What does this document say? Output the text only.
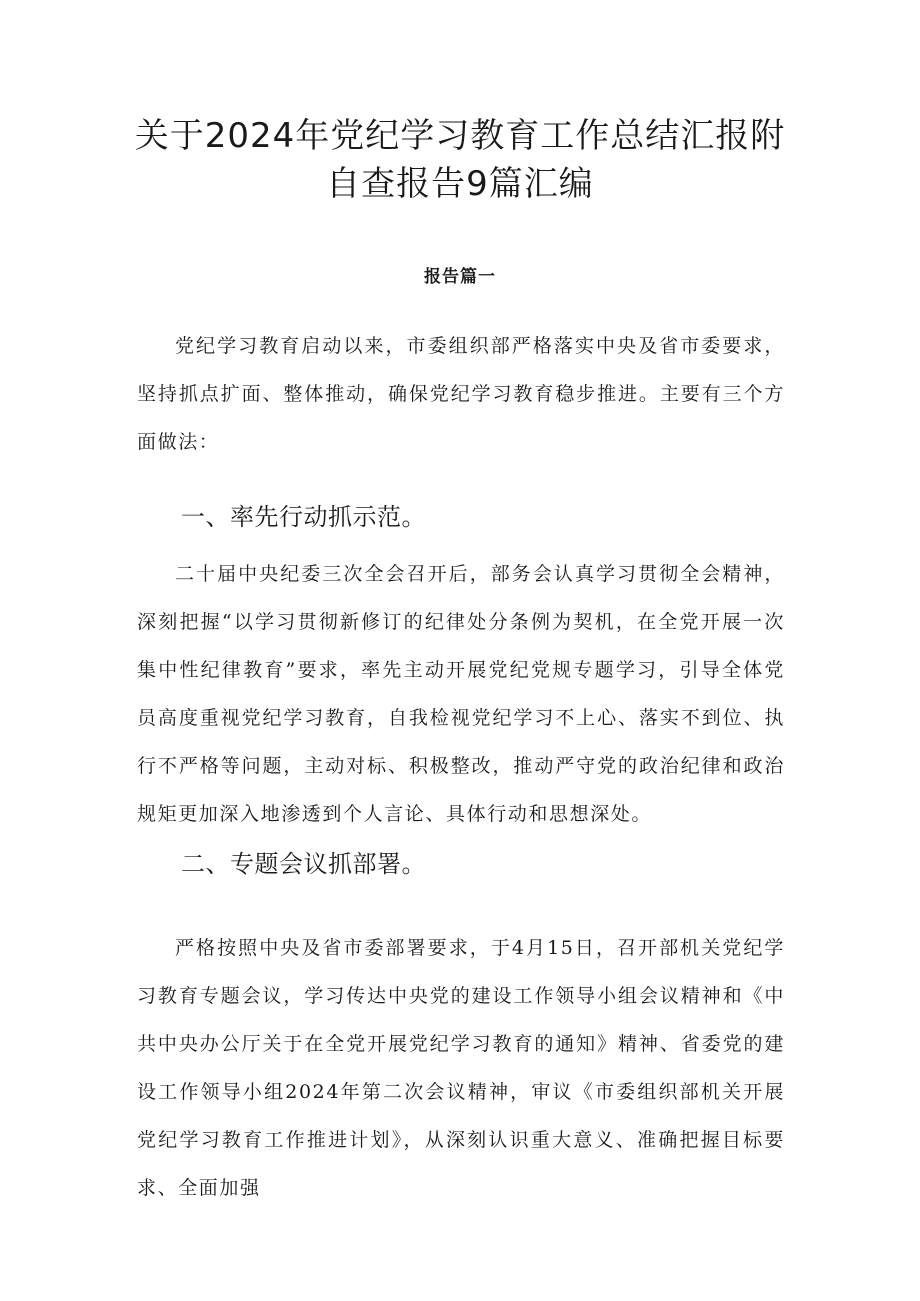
关于2024年党纪学习教育工作总结汇报附
自查报告9篇汇编
报告篇一

党纪学习教育启动以来，市委组织部严格落实中央及省市委要求，坚持抓点扩面、整体推动，确保党纪学习教育稳步推进。主要有三个方面做法：

一、率先行动抓示范。

二十届中央纪委三次全会召开后，部务会认真学习贯彻全会精神，深刻把握“以学习贯彻新修订的纪律处分条例为契机，在全党开展一次集中性纪律教育”要求，率先主动开展党纪党规专题学习，引导全体党员高度重视党纪学习教育，自我检视党纪学习不上心、落实不到位、执行不严格等问题，主动对标、积极整改，推动严守党的政治纪律和政治规矩更加深入地渗透到个人言论、具体行动和思想深处。

二、专题会议抓部署。

严格按照中央及省市委部署要求，于4月15日，召开部机关党纪学习教育专题会议，学习传达中央党的建设工作领导小组会议精神和《中共中央办公厅关于在全党开展党纪学习教育的通知》精神、省委党的建设工作领导小组2024年第二次会议精神，审议《市委组织部机关开展党纪学习教育工作推进计划》，从深刻认识重大意义、准确把握目标要求、全面加强
